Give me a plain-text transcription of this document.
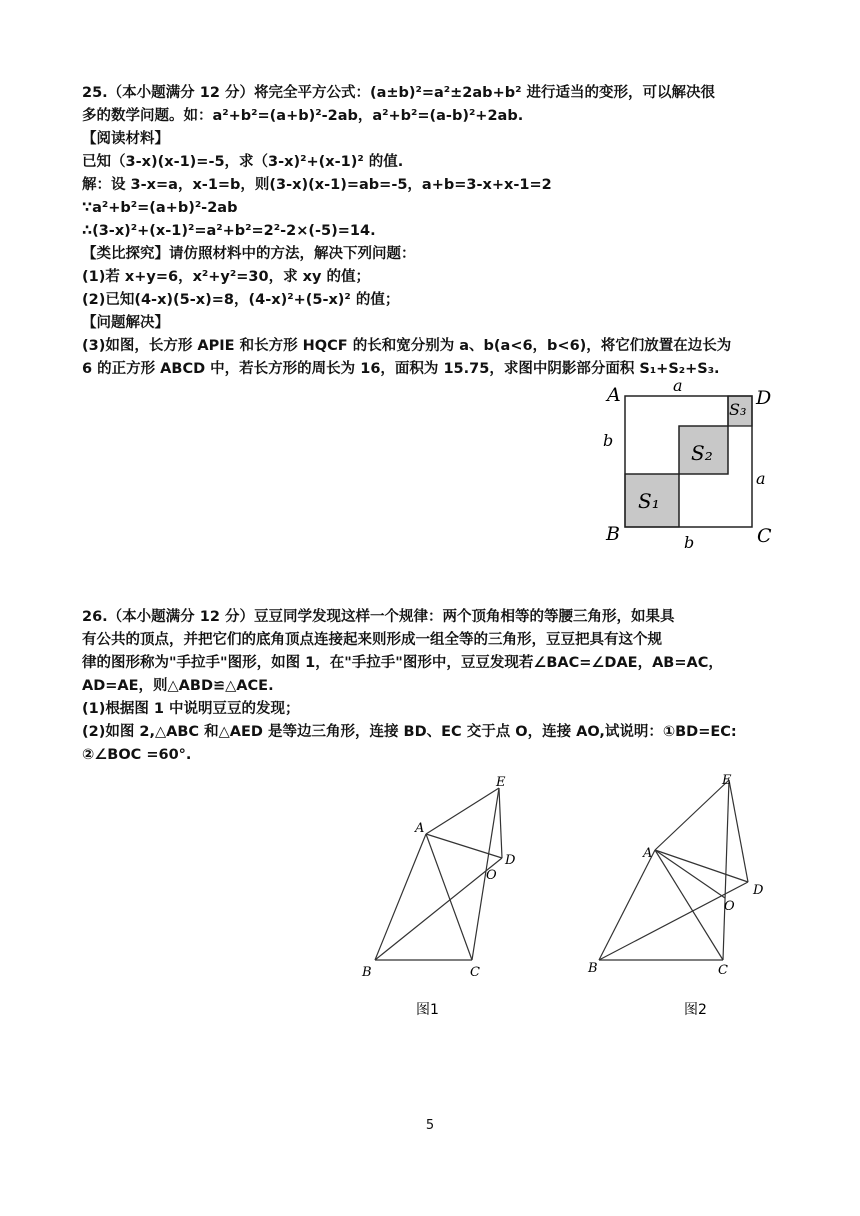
25.（本小题满分 12 分）将完全平方公式：(a±b)²=a²±2ab+b² 进行适当的变形，可以解决很
多的数学问题。如：a²+b²=(a+b)²-2ab，a²+b²=(a-b)²+2ab.
【阅读材料】
已知（3-x)(x-1)=-5，求（3-x)²+(x-1)² 的值.
解：设 3-x=a，x-1=b，则(3-x)(x-1)=ab=-5，a+b=3-x+x-1=2
∵a²+b²=(a+b)²-2ab
∴(3-x)²+(x-1)²=a²+b²=2²-2×(-5)=14.
【类比探究】请仿照材料中的方法，解决下列问题：
(1)若 x+y=6，x²+y²=30，求 xy 的值；
(2)已知(4-x)(5-x)=8，(4-x)²+(5-x)² 的值；
【问题解决】
(3)如图，长方形 APIE 和长方形 HQCF 的长和宽分别为 a、b(a<6，b<6)，将它们放置在边长为
6 的正方形 ABCD 中，若长方形的周长为 16，面积为 15.75，求图中阴影部分面积 S₁+S₂+S₃.
A	D
B	C
a
b
a
b
S₁
S₂
S₃
26.（本小题满分 12 分）豆豆同学发现这样一个规律：两个顶角相等的等腰三角形，如果具
有公共的顶点，并把它们的底角顶点连接起来则形成一组全等的三角形，豆豆把具有这个规
律的图形称为"手拉手"图形，如图 1，在"手拉手"图形中，豆豆发现若∠BAC=∠DAE，AB=AC，
AD=AE，则△ABD≌△ACE.
(1)根据图 1 中说明豆豆的发现；
(2)如图 2,△ABC 和△AED 是等边三角形，连接 BD、EC 交于点 O，连接 AO,试说明：①BD=EC:
②∠BOC =60°.
A
E
D
O
B	C
图1
A
E
D
O
B	C
图2
5
